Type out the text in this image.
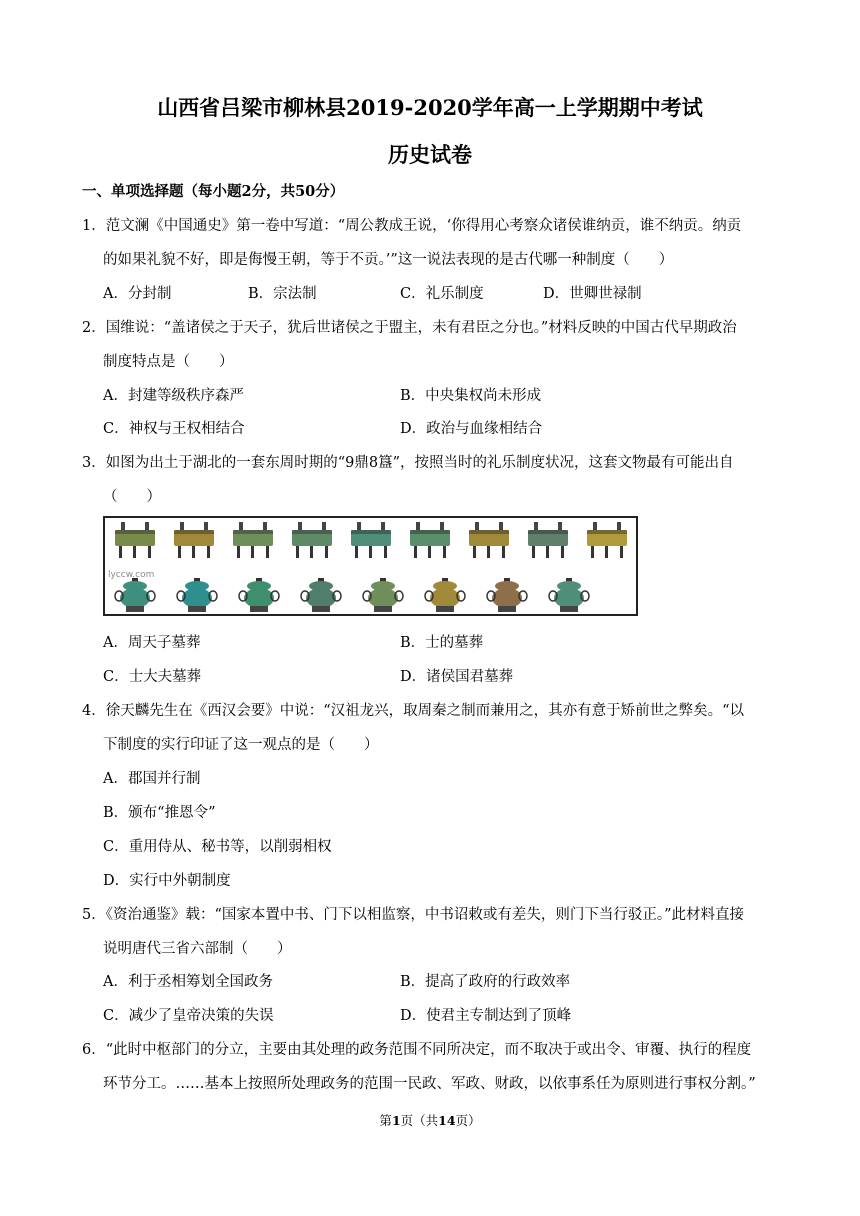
山西省吕梁市柳林县2019-2020学年高一上学期期中考试
历史试卷
一、单项选择题（每小题2分，共50分）
1．范文澜《中国通史》第一卷中写道：“周公教成王说，‘你得用心考察众诸侯谁纳贡，谁不纳贡。纳贡
的如果礼貌不好，即是侮慢王朝，等于不贡。’”这一说法表现的是古代哪一种制度（　　）
A．分封制	B．宗法制	C．礼乐制度	D．世卿世禄制
2．国维说：“盖诸侯之于天子，犹后世诸侯之于盟主，未有君臣之分也。”材料反映的中国古代早期政治
制度特点是（　　）
A．封建等级秩序森严	B．中央集权尚未形成
C．神权与王权相结合	D．政治与血缘相结合
3．如图为出土于湖北的一套东周时期的“9鼎8簋”，按照当时的礼乐制度状况，这套文物最有可能出自
（　　）
lyccw.com
A．周天子墓葬	B．士的墓葬
C．士大夫墓葬	D．诸侯国君墓葬
4．徐天麟先生在《西汉会要》中说：“汉祖龙兴，取周秦之制而兼用之，其亦有意于矫前世之弊矣。“以
下制度的实行印证了这一观点的是（　　）
A．郡国并行制
B．颁布“推恩令”
C．重用侍从、秘书等，以削弱相权
D．实行中外朝制度
5．《资治通鉴》载：“国家本置中书、门下以相监察，中书诏敕或有差失，则门下当行驳正。”此材料直接
说明唐代三省六部制（　　）
A．利于丞相筹划全国政务	B．提高了政府的行政效率
C．减少了皇帝决策的失误	D．使君主专制达到了顶峰
6．“此时中枢部门的分立，主要由其处理的政务范围不同所决定，而不取决于或出令、审覆、执行的程度
环节分工。……基本上按照所处理政务的范围一民政、军政、财政，以依事系任为原则进行事权分割。”
第1页（共14页）
